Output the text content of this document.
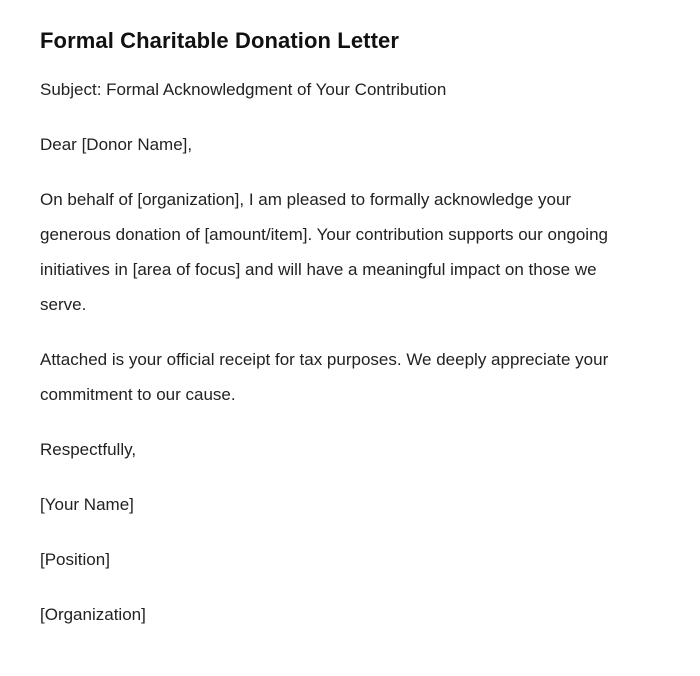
Formal Charitable Donation Letter

Subject: Formal Acknowledgment of Your Contribution

Dear [Donor Name],

On behalf of [organization], I am pleased to formally acknowledge your generous donation of [amount/item]. Your contribution supports our ongoing initiatives in [area of focus] and will have a meaningful impact on those we serve.

Attached is your official receipt for tax purposes. We deeply appreciate your commitment to our cause.

Respectfully,

[Your Name]

[Position]

[Organization]
